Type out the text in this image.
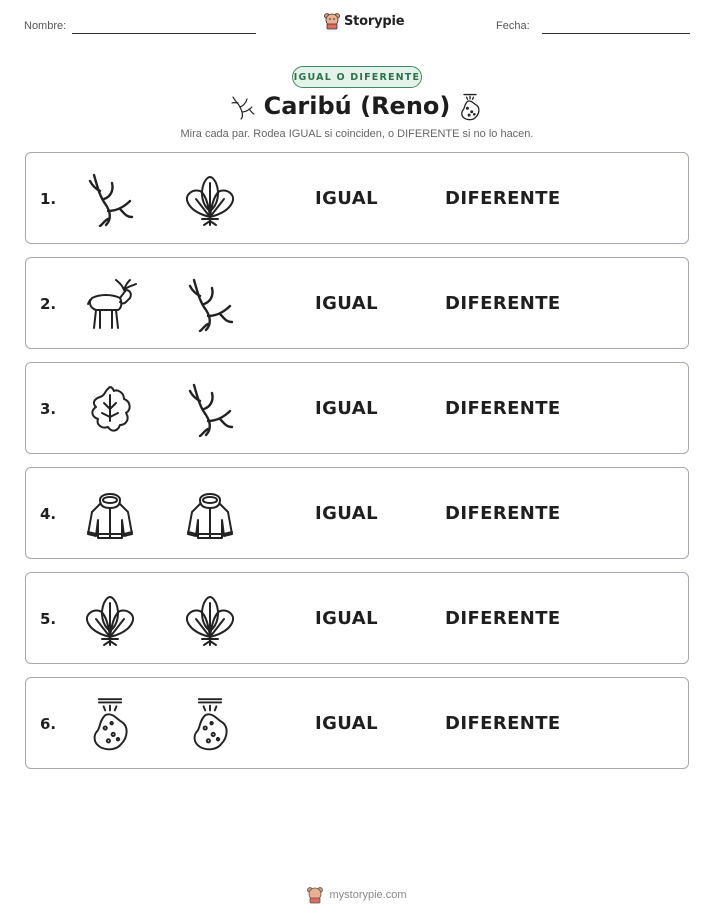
Nombre:	Fecha:
Storypie
IGUAL O DIFERENTE
Caribú (Reno)
Mira cada par. Rodea IGUAL si coinciden, o DIFERENTE si no lo hacen.
1.	IGUAL	DIFERENTE
2.	IGUAL	DIFERENTE
3.	IGUAL	DIFERENTE
4.	IGUAL	DIFERENTE
5.	IGUAL	DIFERENTE
6.	IGUAL	DIFERENTE
mystorypie.com
